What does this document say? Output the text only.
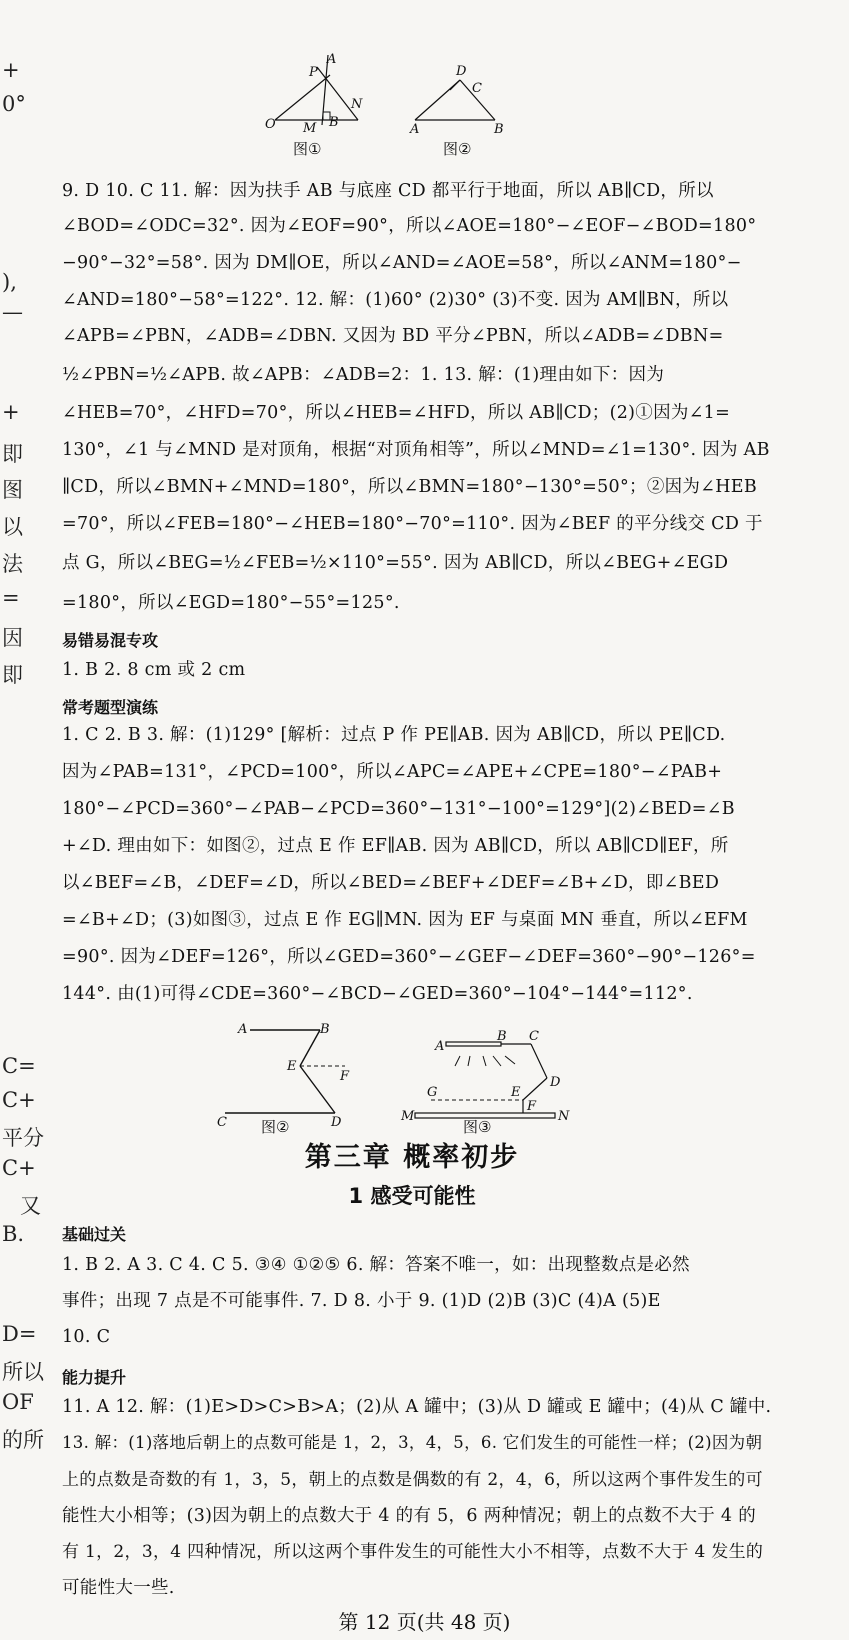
+
0°
),
—
+
即
图
以
法
=
因
即
C=
C+
平分
C+
又
B.
D=
所以
OF
的所
A
P
N
O M B
图①
D
C
A	B
图②
9. D 10. C 11. 解：因为扶手 AB 与底座 CD 都平行于地面，所以 AB∥CD，所以
∠BOD=∠ODC=32°. 因为∠EOF=90°，所以∠AOE=180°−∠EOF−∠BOD=180°
−90°−32°=58°. 因为 DM∥OE，所以∠AND=∠AOE=58°，所以∠ANM=180°−
∠AND=180°−58°=122°. 12. 解：(1)60° (2)30° (3)不变. 因为 AM∥BN，所以
∠APB=∠PBN，∠ADB=∠DBN. 又因为 BD 平分∠PBN，所以∠ADB=∠DBN=
½∠PBN=½∠APB. 故∠APB：∠ADB=2：1. 13. 解：(1)理由如下：因为
∠HEB=70°，∠HFD=70°，所以∠HEB=∠HFD，所以 AB∥CD；(2)①因为∠1=
130°，∠1 与∠MND 是对顶角，根据“对顶角相等”，所以∠MND=∠1=130°. 因为 AB
∥CD，所以∠BMN+∠MND=180°，所以∠BMN=180°−130°=50°；②因为∠HEB
=70°，所以∠FEB=180°−∠HEB=180°−70°=110°. 因为∠BEF 的平分线交 CD 于
点 G，所以∠BEG=½∠FEB=½×110°=55°. 因为 AB∥CD，所以∠BEG+∠EGD
=180°，所以∠EGD=180°−55°=125°.
易错易混专攻
1. B 2. 8 cm 或 2 cm
常考题型演练
1. C 2. B 3. 解：(1)129° [解析：过点 P 作 PE∥AB. 因为 AB∥CD，所以 PE∥CD.
因为∠PAB=131°，∠PCD=100°，所以∠APC=∠APE+∠CPE=180°−∠PAB+
180°−∠PCD=360°−∠PAB−∠PCD=360°−131°−100°=129°](2)∠BED=∠B
+∠D. 理由如下：如图②，过点 E 作 EF∥AB. 因为 AB∥CD，所以 AB∥CD∥EF，所
以∠BEF=∠B，∠DEF=∠D，所以∠BED=∠BEF+∠DEF=∠B+∠D，即∠BED
=∠B+∠D；(3)如图③，过点 E 作 EG∥MN. 因为 EF 与桌面 MN 垂直，所以∠EFM
=90°. 因为∠DEF=126°，所以∠GED=360°−∠GEF−∠DEF=360°−90°−126°=
144°. 由(1)可得∠CDE=360°−∠BCD−∠GED=360°−104°−144°=112°.
A	B
E
F
C	D
图②
A
B C
D
G	E
F
M	N
图③
第三章 概率初步
1 感受可能性
基础过关
1. B 2. A 3. C 4. C 5. ③④ ①②⑤ 6. 解：答案不唯一，如：出现整数点是必然
事件；出现 7 点是不可能事件. 7. D 8. 小于 9. (1)D (2)B (3)C (4)A (5)E
10. C
能力提升
11. A 12. 解：(1)E>D>C>B>A；(2)从 A 罐中；(3)从 D 罐或 E 罐中；(4)从 C 罐中.
13. 解：(1)落地后朝上的点数可能是 1，2，3，4，5，6. 它们发生的可能性一样；(2)因为朝
上的点数是奇数的有 1，3，5，朝上的点数是偶数的有 2，4，6，所以这两个事件发生的可
能性大小相等；(3)因为朝上的点数大于 4 的有 5，6 两种情况；朝上的点数不大于 4 的
有 1，2，3，4 四种情况，所以这两个事件发生的可能性大小不相等，点数不大于 4 发生的
可能性大一些.
第 12 页(共 48 页)
